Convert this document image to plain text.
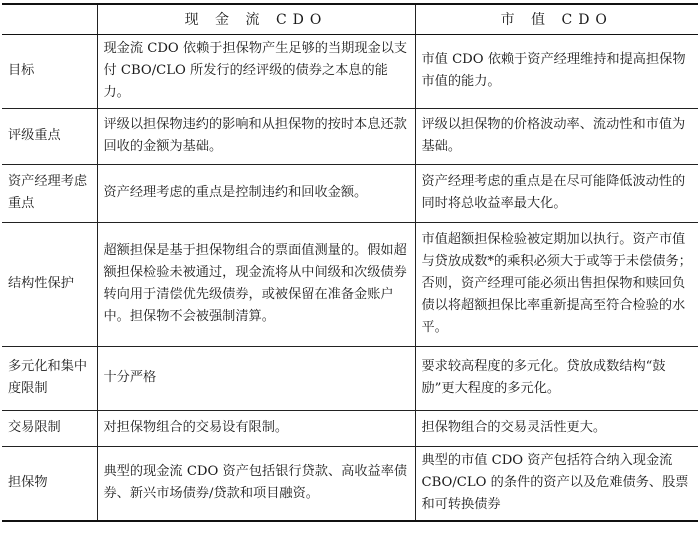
	现 金 流 CDO	市 值 CDO
目标	现金流 CDO 依赖于担保物产生足够的当期现金以支付 CBO/CLO 所发行的经评级的债券之本息的能力。	市值 CDO 依赖于资产经理维持和提高担保物市值的能力。
评级重点	评级以担保物违约的影响和从担保物的按时本息还款回收的金额为基础。	评级以担保物的价格波动率、流动性和市值为基础。
资产经理考虑重点	资产经理考虑的重点是控制违约和回收金额。	资产经理考虑的重点是在尽可能降低波动性的同时将总收益率最大化。
结构性保护	超额担保是基于担保物组合的票面值测量的。假如超额担保检验未被通过，现金流将从中间级和次级债券转向用于清偿优先级债券，或被保留在准备金账户中。担保物不会被强制清算。	市值超额担保检验被定期加以执行。资产市值与贷放成数*的乘积必须大于或等于未偿债务；否则，资产经理可能必须出售担保物和赎回负债以将超额担保比率重新提高至符合检验的水平。
多元化和集中度限制	十分严格	要求较高程度的多元化。贷放成数结构“鼓励”更大程度的多元化。
交易限制	对担保物组合的交易设有限制。	担保物组合的交易灵活性更大。
担保物	典型的现金流 CDO 资产包括银行贷款、高收益率债券、新兴市场债券/贷款和项目融资。	典型的市值 CDO 资产包括符合纳入现金流 CBO/CLO 的条件的资产以及危难债务、股票和可转换债券
